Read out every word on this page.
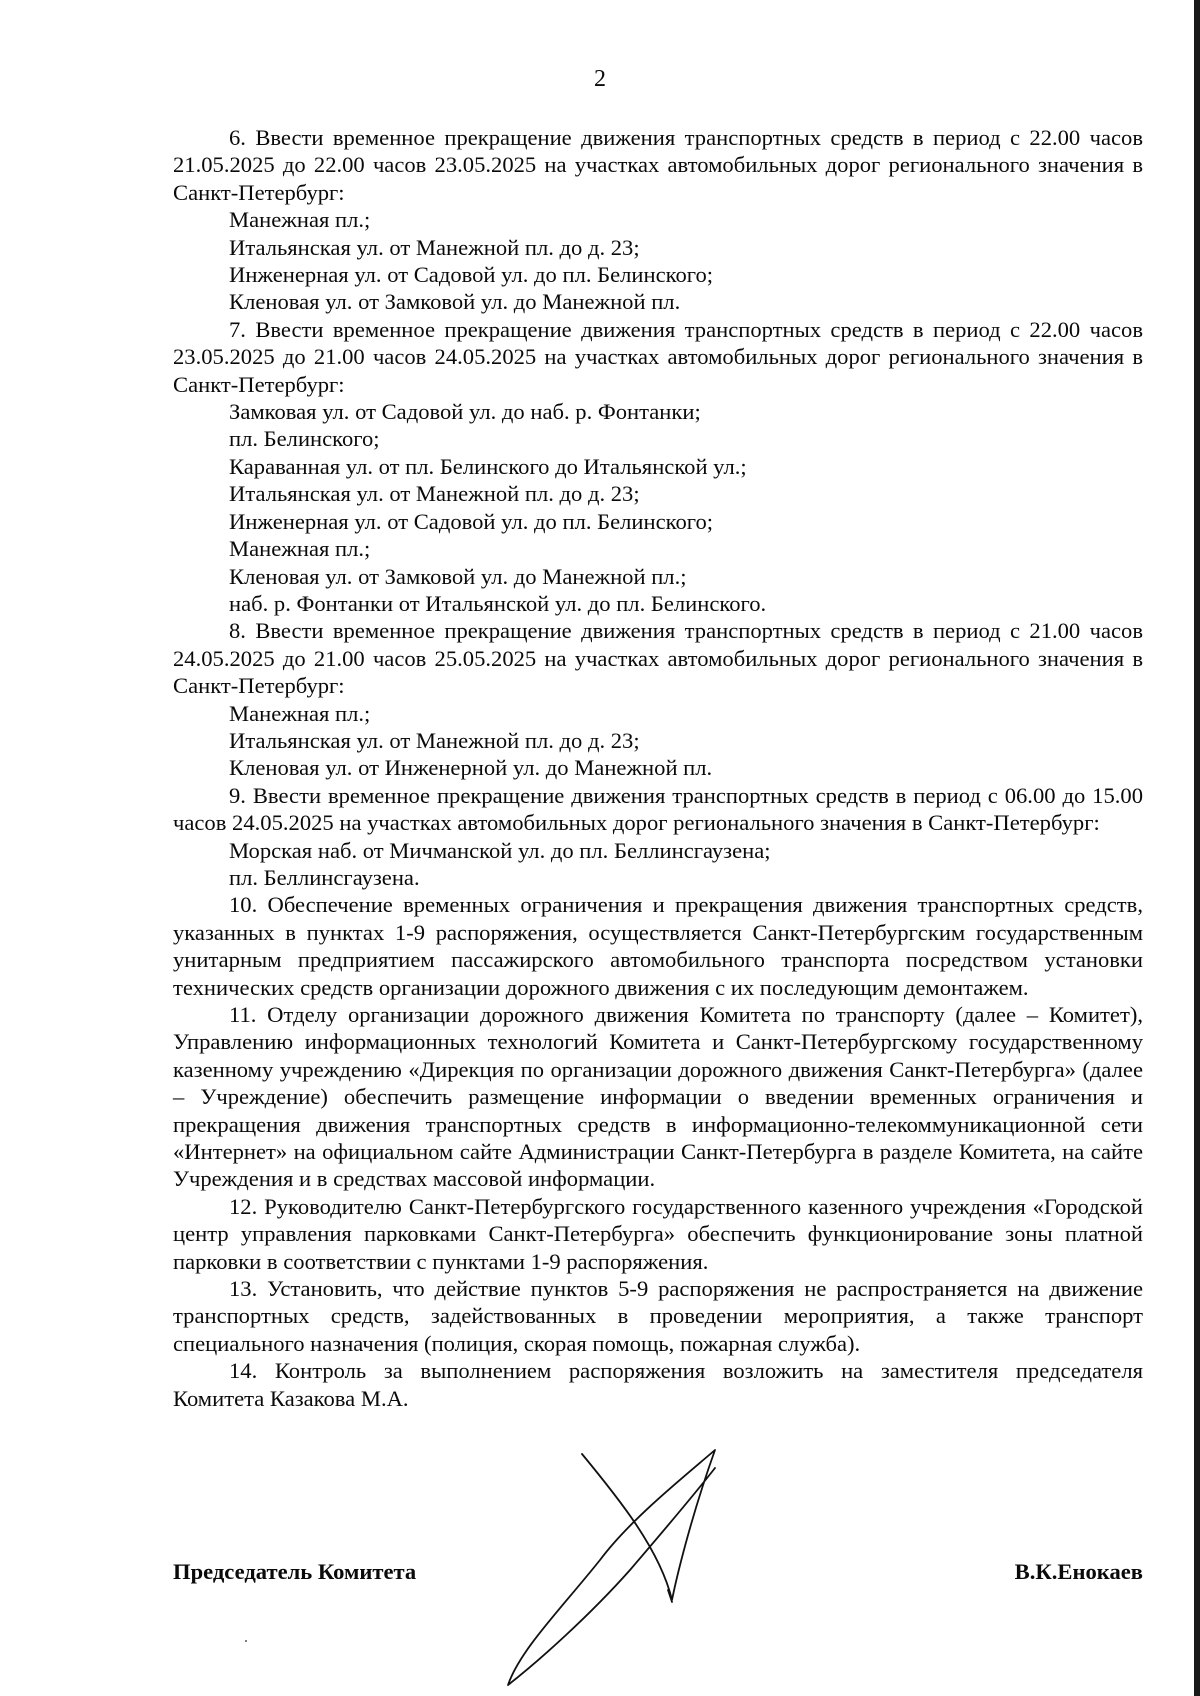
2

6. Ввести временное прекращение движения транспортных средств в период с 22.00 часов 21.05.2025 до 22.00 часов 23.05.2025 на участках автомобильных дорог регионального значения в Санкт-Петербург:

Манежная пл.;
Итальянская ул. от Манежной пл. до д. 23;
Инженерная ул. от Садовой ул. до пл. Белинского;
Кленовая ул. от Замковой ул. до Манежной пл.

7. Ввести временное прекращение движения транспортных средств в период с 22.00 часов 23.05.2025 до 21.00 часов 24.05.2025 на участках автомобильных дорог регионального значения в Санкт-Петербург:

Замковая ул. от Садовой ул. до наб. р. Фонтанки;
пл. Белинского;
Караванная ул. от пл. Белинского до Итальянской ул.;
Итальянская ул. от Манежной пл. до д. 23;
Инженерная ул. от Садовой ул. до пл. Белинского;
Манежная пл.;
Кленовая ул. от Замковой ул. до Манежной пл.;
наб. р. Фонтанки от Итальянской ул. до пл. Белинского.

8. Ввести временное прекращение движения транспортных средств в период с 21.00 часов 24.05.2025 до 21.00 часов 25.05.2025 на участках автомобильных дорог регионального значения в Санкт-Петербург:

Манежная пл.;
Итальянская ул. от Манежной пл. до д. 23;
Кленовая ул. от Инженерной ул. до Манежной пл.

9. Ввести временное прекращение движения транспортных средств в период с 06.00 до 15.00 часов 24.05.2025 на участках автомобильных дорог регионального значения в Санкт-Петербург:

Морская наб. от Мичманской ул. до пл. Беллинсгаузена;
пл. Беллинсгаузена.

10. Обеспечение временных ограничения и прекращения движения транспортных средств, указанных в пунктах 1-9 распоряжения, осуществляется Санкт-Петербургским государственным унитарным предприятием пассажирского автомобильного транспорта посредством установки технических средств организации дорожного движения с их последующим демонтажем.

11. Отделу организации дорожного движения Комитета по транспорту (далее – Комитет), Управлению информационных технологий Комитета и Санкт-Петербургскому государственному казенному учреждению «Дирекция по организации дорожного движения Санкт-Петербурга» (далее – Учреждение) обеспечить размещение информации о введении временных ограничения и прекращения движения транспортных средств в информационно-телекоммуникационной сети «Интернет» на официальном сайте Администрации Санкт-Петербурга в разделе Комитета, на сайте Учреждения и в средствах массовой информации.

12. Руководителю Санкт-Петербургского государственного казенного учреждения «Городской центр управления парковками Санкт-Петербурга» обеспечить функционирование зоны платной парковки в соответствии с пунктами 1-9 распоряжения.

13. Установить, что действие пунктов 5-9 распоряжения не распространяется на движение транспортных средств, задействованных в проведении мероприятия, а также транспорт специального назначения (полиция, скорая помощь, пожарная служба).

14. Контроль за выполнением распоряжения возложить на заместителя председателя Комитета Казакова М.А.

Председатель Комитета	В.К.Енокаев
